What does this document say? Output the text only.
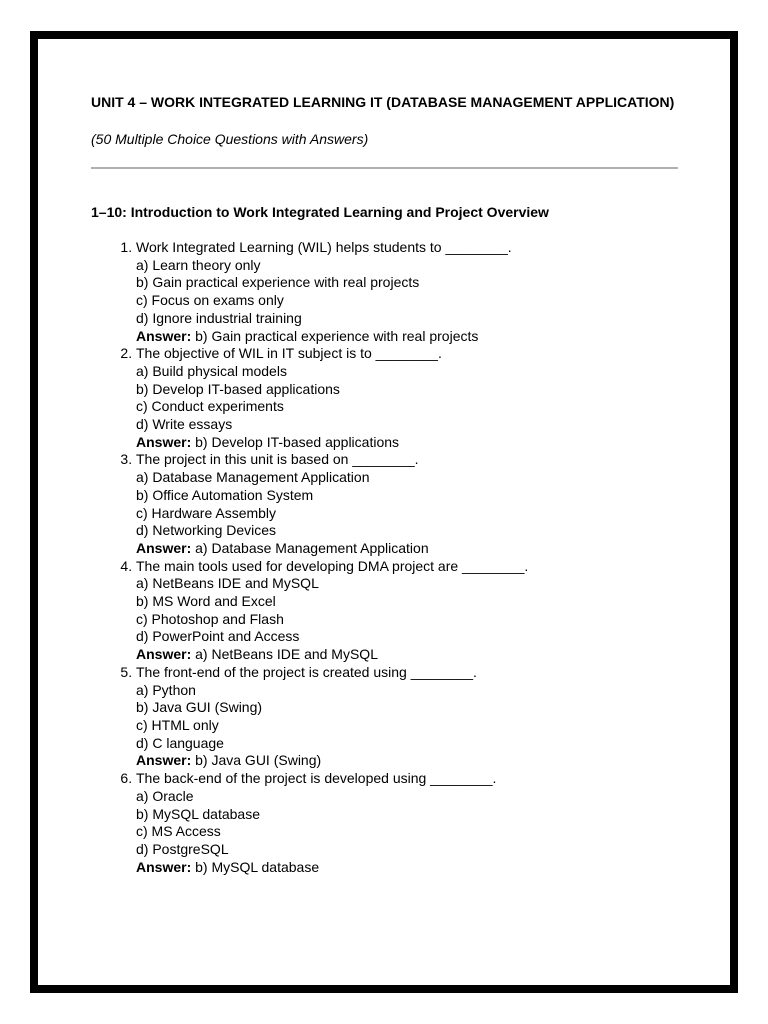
UNIT 4 – WORK INTEGRATED LEARNING IT (DATABASE MANAGEMENT APPLICATION)

(50 Multiple Choice Questions with Answers)

1–10: Introduction to Work Integrated Learning and Project Overview
1. Work Integrated Learning (WIL) helps students to ________.
a) Learn theory only
b) Gain practical experience with real projects
c) Focus on exams only
d) Ignore industrial training
Answer: b) Gain practical experience with real projects
2. The objective of WIL in IT subject is to ________.
a) Build physical models
b) Develop IT-based applications
c) Conduct experiments
d) Write essays
Answer: b) Develop IT-based applications
3. The project in this unit is based on ________.
a) Database Management Application
b) Office Automation System
c) Hardware Assembly
d) Networking Devices
Answer: a) Database Management Application
4. The main tools used for developing DMA project are ________.
a) NetBeans IDE and MySQL
b) MS Word and Excel
c) Photoshop and Flash
d) PowerPoint and Access
Answer: a) NetBeans IDE and MySQL
5. The front-end of the project is created using ________.
a) Python
b) Java GUI (Swing)
c) HTML only
d) C language
Answer: b) Java GUI (Swing)
6. The back-end of the project is developed using ________.
a) Oracle
b) MySQL database
c) MS Access
d) PostgreSQL
Answer: b) MySQL database
